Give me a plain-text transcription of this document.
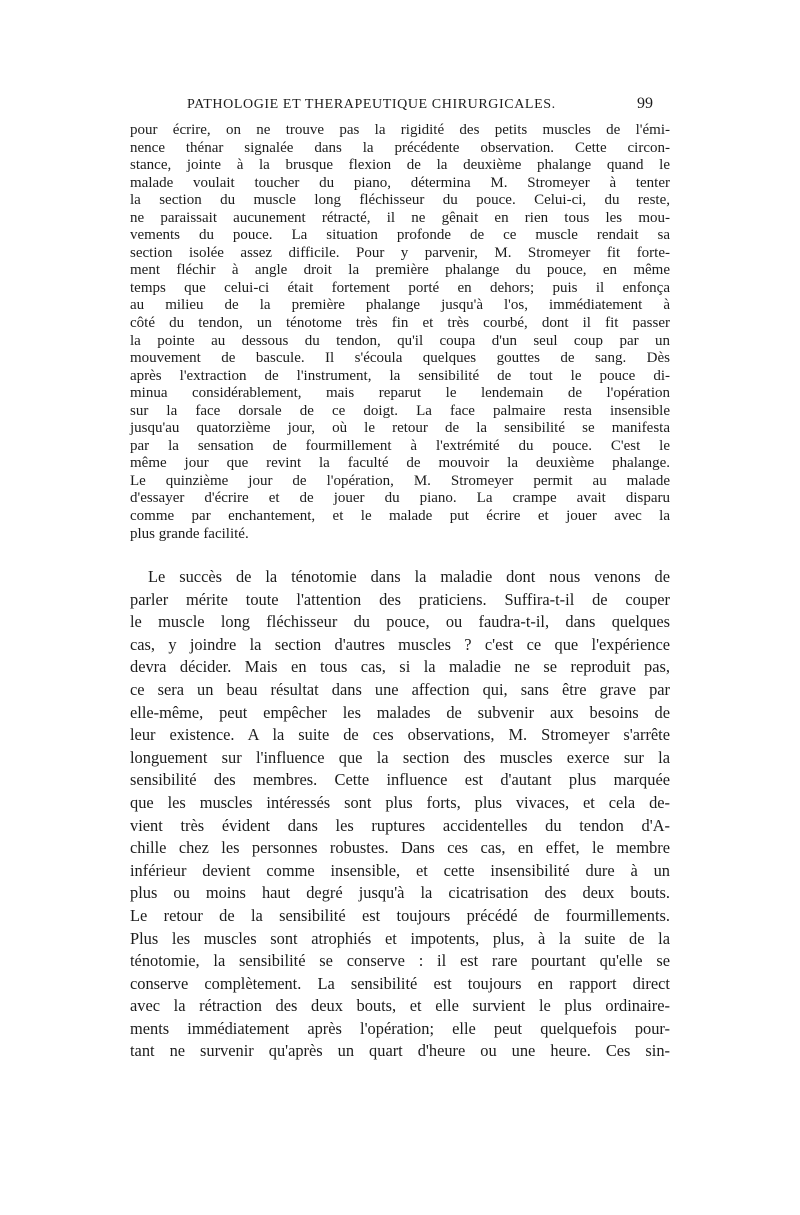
PATHOLOGIE ET THERAPEUTIQUE CHIRURGICALES.	99
pour écrire, on ne trouve pas la rigidité des petits muscles de l'émi-
nence thénar signalée dans la précédente observation. Cette circon-
stance, jointe à la brusque flexion de la deuxième phalange quand le
malade voulait toucher du piano, détermina M. Stromeyer à tenter
la section du muscle long fléchisseur du pouce. Celui-ci, du reste,
ne paraissait aucunement rétracté, il ne gênait en rien tous les mou-
vements du pouce. La situation profonde de ce muscle rendait sa
section isolée assez difficile. Pour y parvenir, M. Stromeyer fit forte-
ment fléchir à angle droit la première phalange du pouce, en même
temps que celui-ci était fortement porté en dehors; puis il enfonça
au milieu de la première phalange jusqu'à l'os, immédiatement à
côté du tendon, un ténotome très fin et très courbé, dont il fit passer
la pointe au dessous du tendon, qu'il coupa d'un seul coup par un
mouvement de bascule. Il s'écoula quelques gouttes de sang. Dès
après l'extraction de l'instrument, la sensibilité de tout le pouce di-
minua considérablement, mais reparut le lendemain de l'opération
sur la face dorsale de ce doigt. La face palmaire resta insensible
jusqu'au quatorzième jour, où le retour de la sensibilité se manifesta
par la sensation de fourmillement à l'extrémité du pouce. C'est le
même jour que revint la faculté de mouvoir la deuxième phalange.
Le quinzième jour de l'opération, M. Stromeyer permit au malade
d'essayer d'écrire et de jouer du piano. La crampe avait disparu
comme par enchantement, et le malade put écrire et jouer avec la
plus grande facilité.
Le succès de la ténotomie dans la maladie dont nous venons de
parler mérite toute l'attention des praticiens. Suffira-t-il de couper
le muscle long fléchisseur du pouce, ou faudra-t-il, dans quelques
cas, y joindre la section d'autres muscles ? c'est ce que l'expérience
devra décider. Mais en tous cas, si la maladie ne se reproduit pas,
ce sera un beau résultat dans une affection qui, sans être grave par
elle-même, peut empêcher les malades de subvenir aux besoins de
leur existence. A la suite de ces observations, M. Stromeyer s'arrête
longuement sur l'influence que la section des muscles exerce sur la
sensibilité des membres. Cette influence est d'autant plus marquée
que les muscles intéressés sont plus forts, plus vivaces, et cela de-
vient très évident dans les ruptures accidentelles du tendon d'A-
chille chez les personnes robustes. Dans ces cas, en effet, le membre
inférieur devient comme insensible, et cette insensibilité dure à un
plus ou moins haut degré jusqu'à la cicatrisation des deux bouts.
Le retour de la sensibilité est toujours précédé de fourmillements.
Plus les muscles sont atrophiés et impotents, plus, à la suite de la
ténotomie, la sensibilité se conserve : il est rare pourtant qu'elle se
conserve complètement. La sensibilité est toujours en rapport direct
avec la rétraction des deux bouts, et elle survient le plus ordinaire-
ments immédiatement après l'opération; elle peut quelquefois pour-
tant ne survenir qu'après un quart d'heure ou une heure. Ces sin-
